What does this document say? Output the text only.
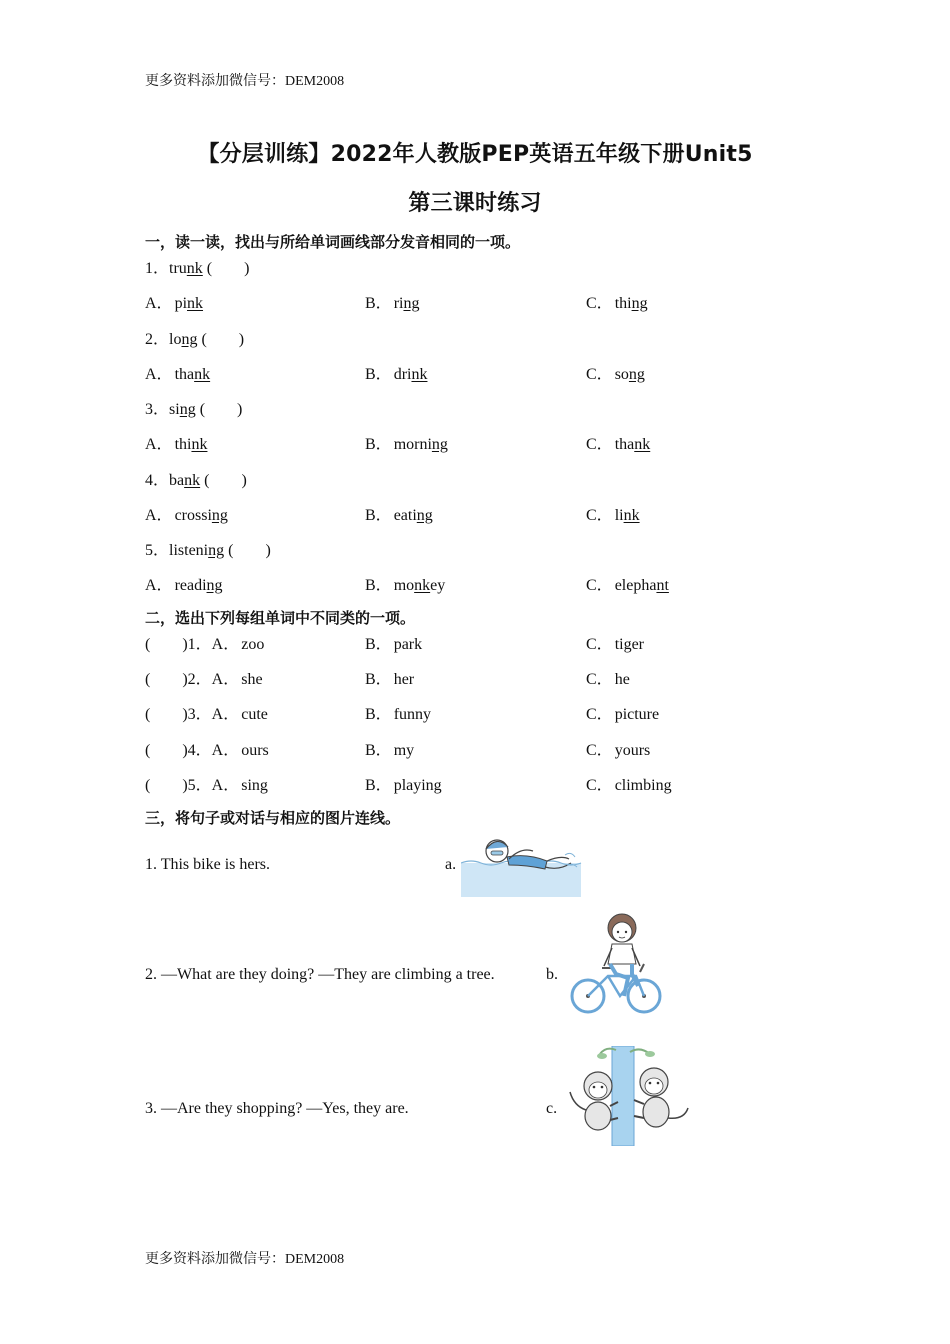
更多资料添加微信号：DEM2008
【分层训练】2022年人教版PEP英语五年级下册Unit5
第三课时练习
一，读一读，找出与所给单词画线部分发音相同的一项。
1．trunk (　　)
A． pink	B． ring	C． thing
2．long (　　)
A． thank	B． drink	C． song
3．sing (　　)
A． think	B． morning	C． thank
4．bank (　　)
A． crossing	B． eating	C． link
5．listening (　　)
A． reading	B． monkey	C． elephant
二，选出下列每组单词中不同类的一项。
(　　)1．A． zoo	B． park	C． tiger
(　　)2．A． she	B． her	C． he
(　　)3．A． cute	B． funny	C． picture
(　　)4．A． ours	B． my	C． yours
(　　)5．A． sing	B． playing	C． climbing
三，将句子或对话与相应的图片连线。
1. This bike is hers.
2. —What are they doing? —They are climbing a tree.
3. —Are they shopping? —Yes, they are.
a.
b.
c.
更多资料添加微信号：DEM2008
